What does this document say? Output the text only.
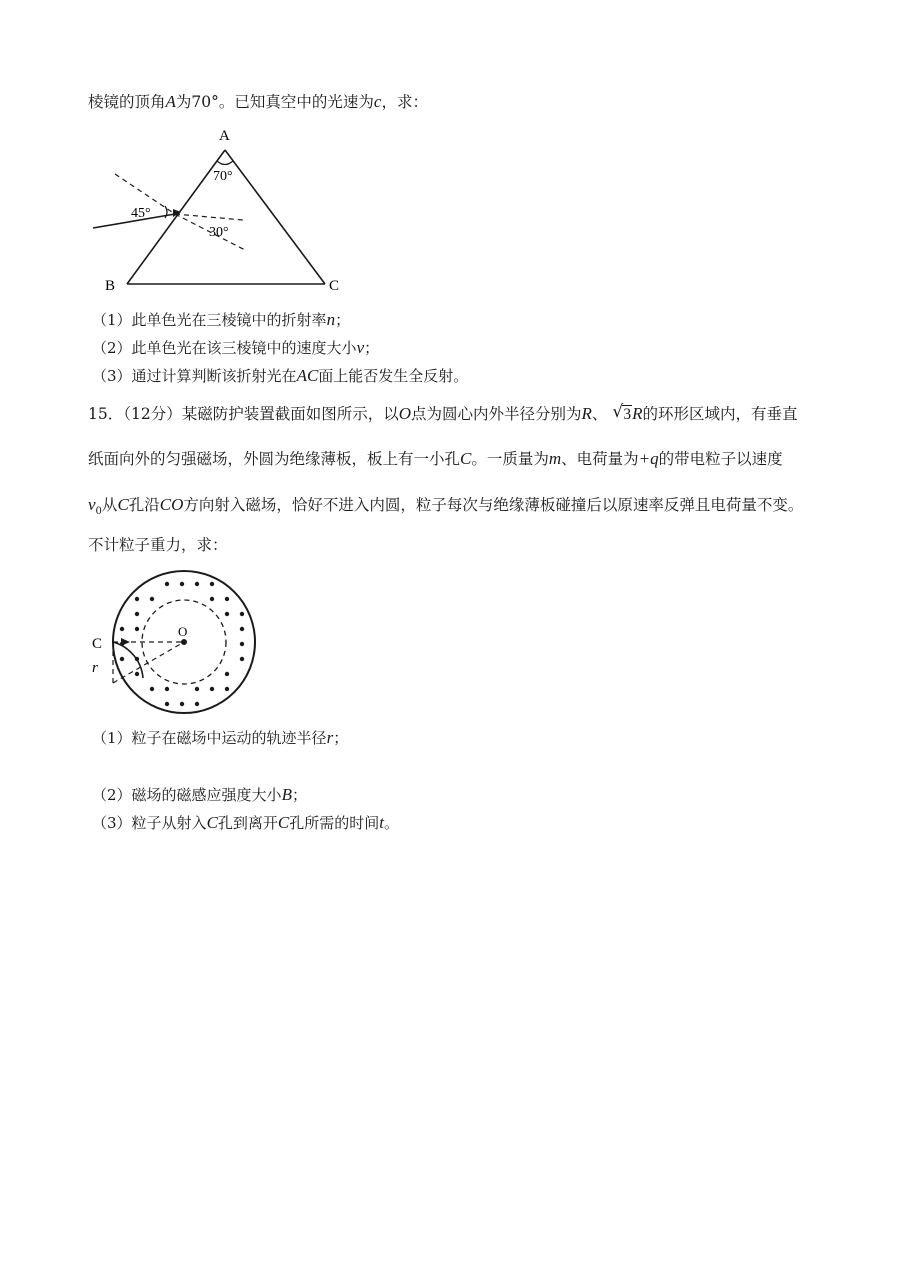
棱镜的顶角A为70°。已知真空中的光速为c，求：
A
B	C
70°
45°
30°
（1）此单色光在三棱镜中的折射率n；
（2）此单色光在该三棱镜中的速度大小v；
（3）通过计算判断该折射光在AC面上能否发生全反射。
15．（12分）某磁防护装置截面如图所示，以O点为圆心内外半径分别为R、 √ 3R的环形区域内，有垂直
纸面向外的匀强磁场，外圆为绝缘薄板，板上有一小孔C。一质量为m、电荷量为+q的带电粒子以速度
$v_0$从C孔沿CO方向射入磁场，恰好不进入内圆，粒子每次与绝缘薄板碰撞后以原速率反弹且电荷量不变。
不计粒子重力，求：
C
O
r
（1）粒子在磁场中运动的轨迹半径r；
（2）磁场的磁感应强度大小B；
（3）粒子从射入C孔到离开C孔所需的时间t。
